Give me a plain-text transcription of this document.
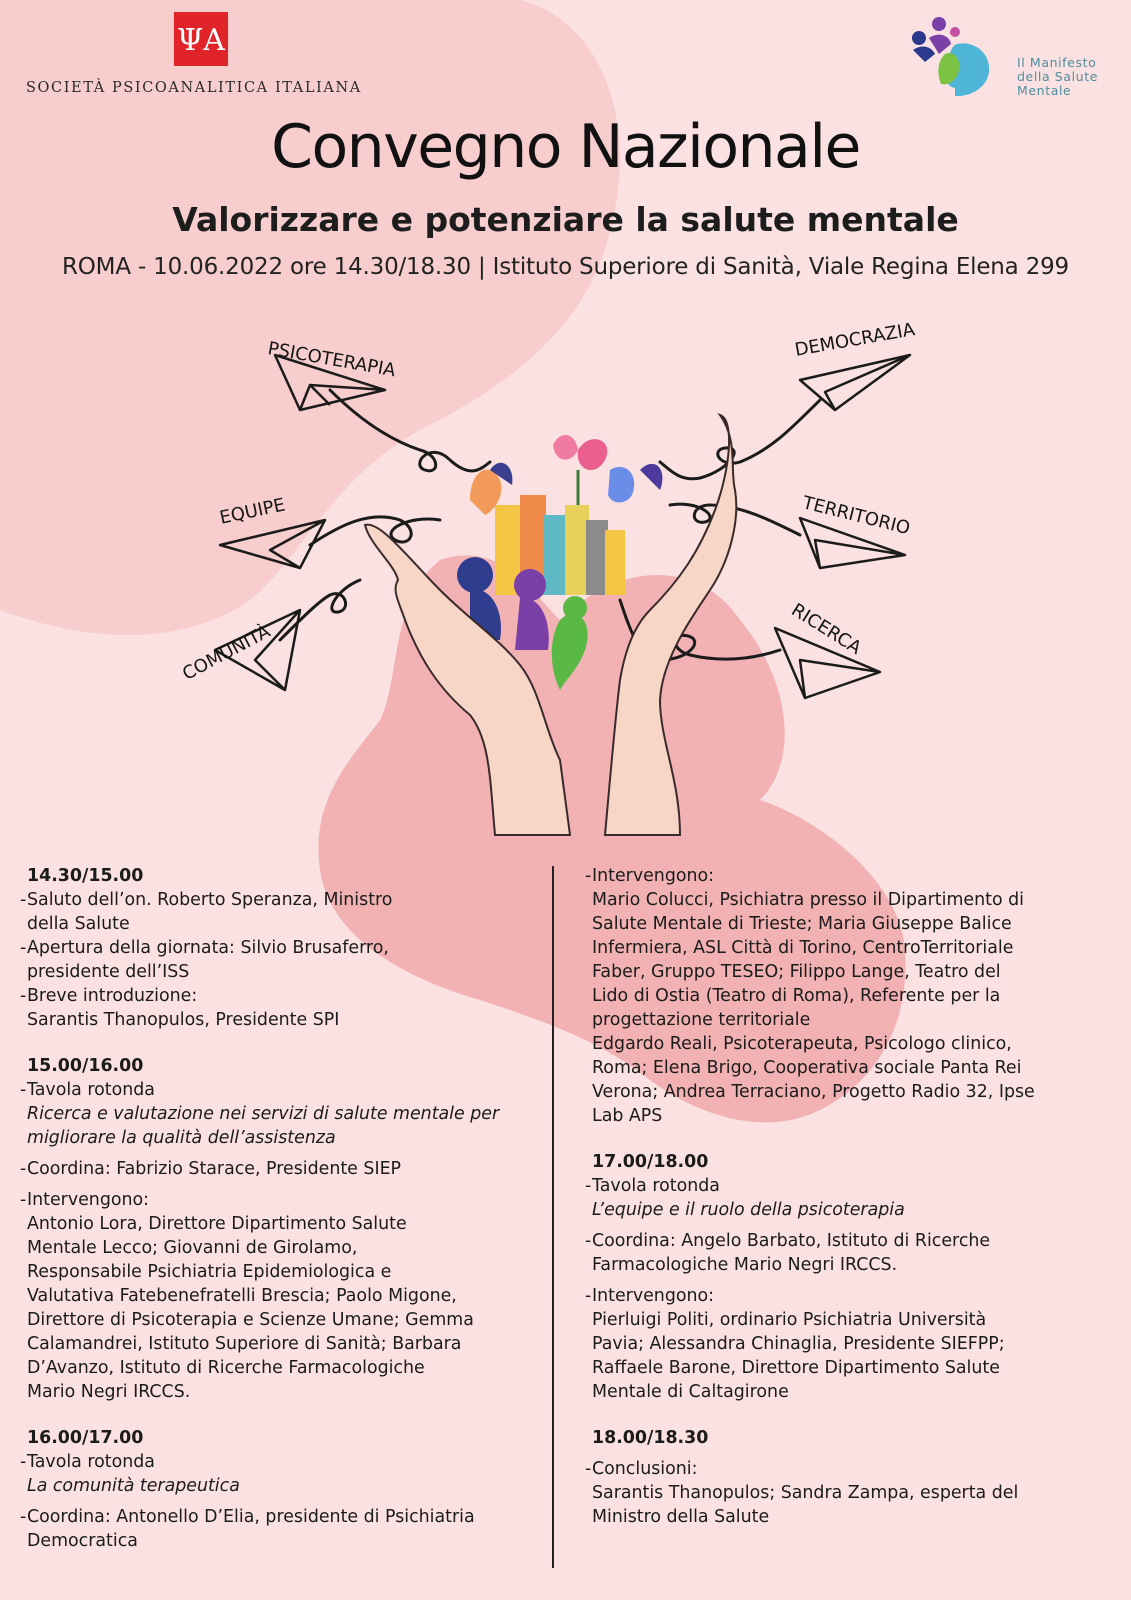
ΨΑ
SOCIETÀ PSICOANALITICA ITALIANA
Il Manifesto
della Salute
Mentale
Convegno Nazionale
Valorizzare e potenziare la salute mentale
ROMA - 10.06.2022 ore 14.30/18.30 | Istituto Superiore di Sanità, Viale Regina Elena 299
PSICOTERAPIA	DEMOCRAZIA
EQUIPE	TERRITORIO
COMUNITÀ	RICERCA
14.30/15.00
- Saluto dell’on. Roberto Speranza, Ministro
della Salute
- Apertura della giornata: Silvio Brusaferro,
presidente dell’ISS
- Breve introduzione:
Sarantis Thanopulos, Presidente SPI
15.00/16.00
- Tavola rotonda
Ricerca e valutazione nei servizi di salute mentale per
migliorare la qualità dell’assistenza
- Coordina: Fabrizio Starace, Presidente SIEP
- Intervengono:
Antonio Lora, Direttore Dipartimento Salute
Mentale Lecco; Giovanni de Girolamo,
Responsabile Psichiatria Epidemiologica e
Valutativa Fatebenefratelli Brescia; Paolo Migone,
Direttore di Psicoterapia e Scienze Umane; Gemma
Calamandrei, Istituto Superiore di Sanità; Barbara
D’Avanzo, Istituto di Ricerche Farmacologiche
Mario Negri IRCCS.
16.00/17.00
- Tavola rotonda
La comunità terapeutica
- Coordina: Antonello D’Elia, presidente di Psichiatria
Democratica
- Intervengono:
Mario Colucci, Psichiatra presso il Dipartimento di
Salute Mentale di Trieste; Maria Giuseppe Balice
Infermiera, ASL Città di Torino, CentroTerritoriale
Faber, Gruppo TESEO; Filippo Lange, Teatro del
Lido di Ostia (Teatro di Roma), Referente per la
progettazione territoriale
Edgardo Reali, Psicoterapeuta, Psicologo clinico,
Roma; Elena Brigo, Cooperativa sociale Panta Rei
Verona; Andrea Terraciano, Progetto Radio 32, Ipse
Lab APS
17.00/18.00
- Tavola rotonda
L’equipe e il ruolo della psicoterapia
- Coordina: Angelo Barbato, Istituto di Ricerche
Farmacologiche Mario Negri IRCCS.
- Intervengono:
Pierluigi Politi, ordinario Psichiatria Università
Pavia; Alessandra Chinaglia, Presidente SIEFPP;
Raffaele Barone, Direttore Dipartimento Salute
Mentale di Caltagirone
18.00/18.30
- Conclusioni:
Sarantis Thanopulos; Sandra Zampa, esperta del
Ministro della Salute
